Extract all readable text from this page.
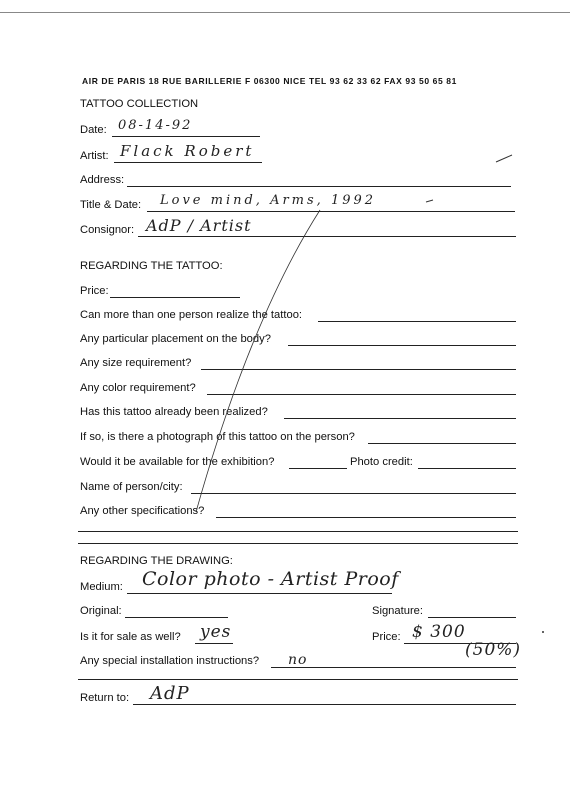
AIR DE PARIS 18 RUE BARILLERIE F 06300 NICE TEL 93 62 33 62 FAX 93 50 65 81
TATTOO COLLECTION
Date: 08-14-92
Artist: Flack Robert
Address:
Title & Date: Love mind, Arms, 1992
Consignor: AdP / Artist
REGARDING THE TATTOO:
Price:
Can more than one person realize the tattoo:
Any particular placement on the body?
Any size requirement?
Any color requirement?
Has this tattoo already been realized?
If so, is there a photograph of this tattoo on the person?
Would it be available for the exhibition?	Photo credit:
Name of person/city:
Any other specifications?
REGARDING THE DRAWING:
Medium: Color photo - Artist Proof
Original:	Signature:
Is it for sale as well? yes	Price: $ 300
(50%)
Any special installation instructions? no
Return to: AdP
